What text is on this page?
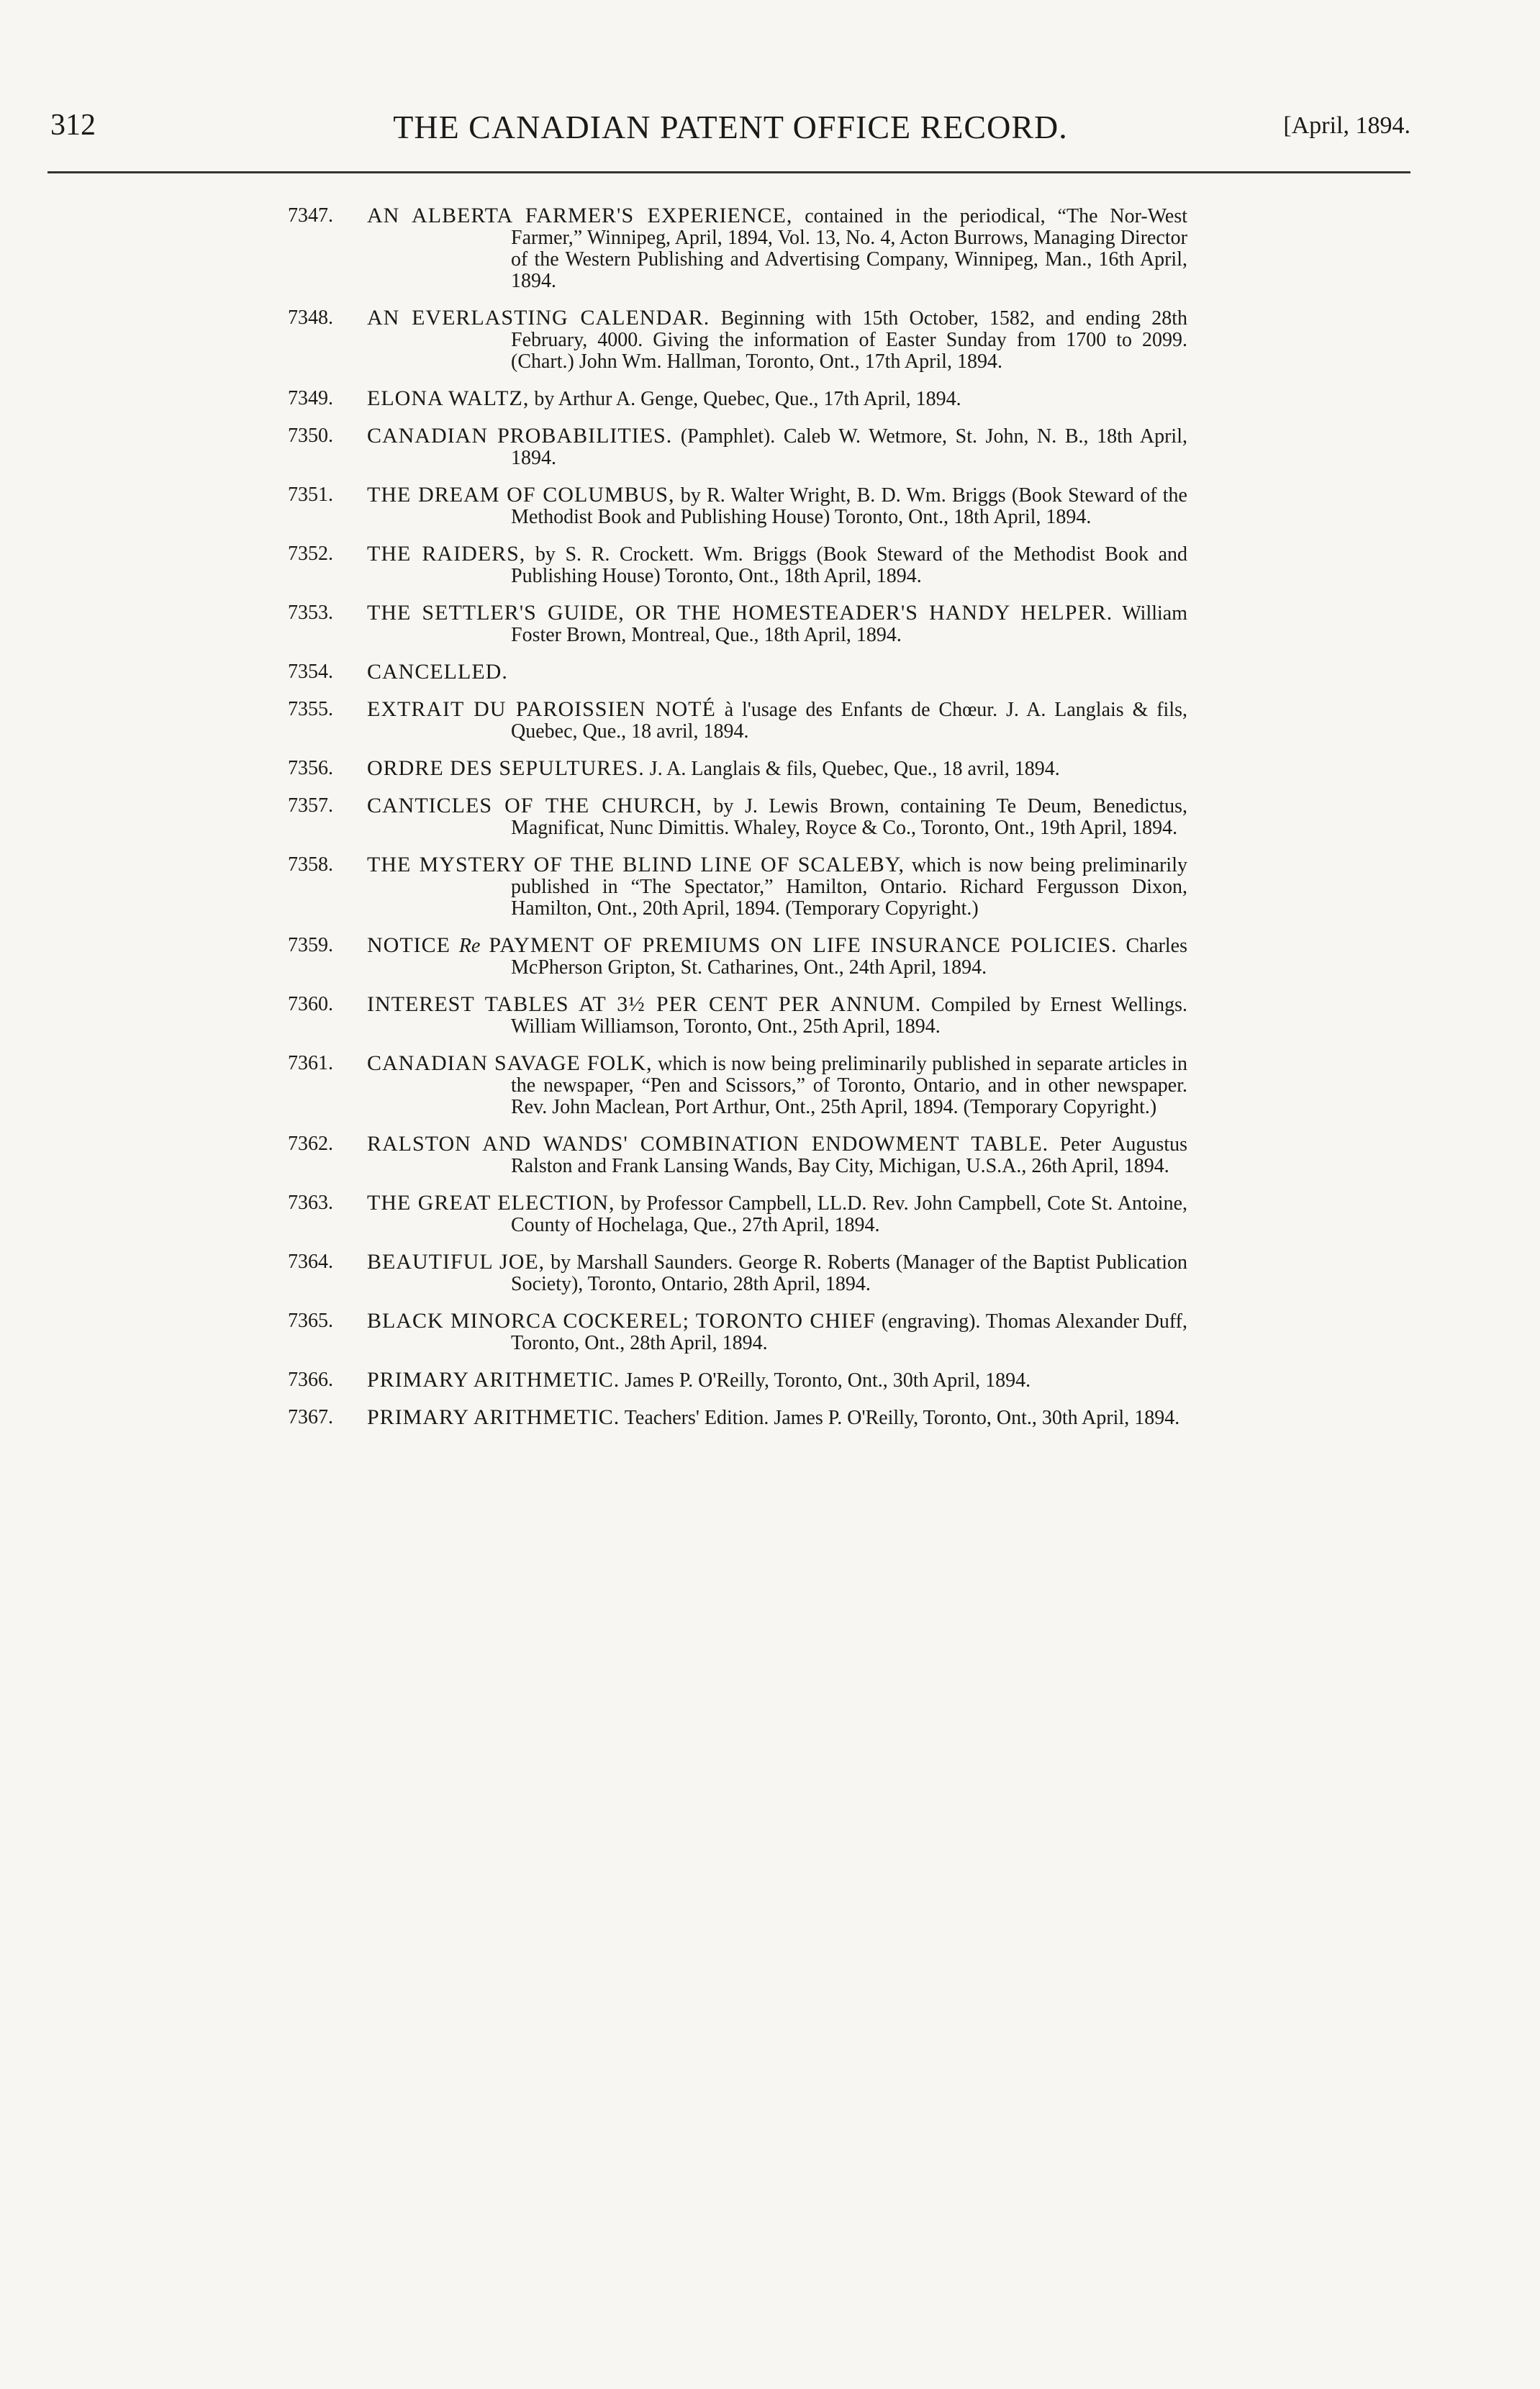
312	THE CANADIAN PATENT OFFICE RECORD.	[April, 1894.
7347.	AN ALBERTA FARMER'S EXPERIENCE, contained in the periodical, “The Nor-West Farmer,” Winnipeg, April, 1894, Vol. 13, No. 4, Acton Burrows, Managing Director of the Western Publishing and Advertising Company, Winnipeg, Man., 16th April, 1894.
7348.	AN EVERLASTING CALENDAR. Beginning with 15th October, 1582, and ending 28th February, 4000. Giving the information of Easter Sunday from 1700 to 2099. (Chart.) John Wm. Hallman, Toronto, Ont., 17th April, 1894.
7349.	ELONA WALTZ, by Arthur A. Genge, Quebec, Que., 17th April, 1894.
7350.	CANADIAN PROBABILITIES. (Pamphlet). Caleb W. Wetmore, St. John, N. B., 18th April, 1894.
7351.	THE DREAM OF COLUMBUS, by R. Walter Wright, B. D. Wm. Briggs (Book Steward of the Methodist Book and Publishing House) Toronto, Ont., 18th April, 1894.
7352.	THE RAIDERS, by S. R. Crockett. Wm. Briggs (Book Steward of the Methodist Book and Publishing House) Toronto, Ont., 18th April, 1894.
7353.	THE SETTLER'S GUIDE, OR THE HOMESTEADER'S HANDY HELPER. William Foster Brown, Montreal, Que., 18th April, 1894.
7354.	CANCELLED.
7355.	EXTRAIT DU PAROISSIEN NOTÉ à l'usage des Enfants de Chœur. J. A. Langlais & fils, Quebec, Que., 18 avril, 1894.
7356.	ORDRE DES SEPULTURES. J. A. Langlais & fils, Quebec, Que., 18 avril, 1894.
7357.	CANTICLES OF THE CHURCH, by J. Lewis Brown, containing Te Deum, Benedictus, Magnificat, Nunc Dimittis. Whaley, Royce & Co., Toronto, Ont., 19th April, 1894.
7358.	THE MYSTERY OF THE BLIND LINE OF SCALEBY, which is now being preliminarily published in “The Spectator,” Hamilton, Ontario. Richard Fergusson Dixon, Hamilton, Ont., 20th April, 1894. (Temporary Copyright.)
7359.	NOTICE Re PAYMENT OF PREMIUMS ON LIFE INSURANCE POLICIES. Charles McPherson Gripton, St. Catharines, Ont., 24th April, 1894.
7360.	INTEREST TABLES AT 3½ PER CENT PER ANNUM. Compiled by Ernest Wellings. William Williamson, Toronto, Ont., 25th April, 1894.
7361.	CANADIAN SAVAGE FOLK, which is now being preliminarily published in separate articles in the newspaper, “Pen and Scissors,” of Toronto, Ontario, and in other newspaper. Rev. John Maclean, Port Arthur, Ont., 25th April, 1894. (Temporary Copyright.)
7362.	RALSTON AND WANDS' COMBINATION ENDOWMENT TABLE. Peter Augustus Ralston and Frank Lansing Wands, Bay City, Michigan, U.S.A., 26th April, 1894.
7363.	THE GREAT ELECTION, by Professor Campbell, LL.D. Rev. John Campbell, Cote St. Antoine, County of Hochelaga, Que., 27th April, 1894.
7364.	BEAUTIFUL JOE, by Marshall Saunders. George R. Roberts (Manager of the Baptist Publication Society), Toronto, Ontario, 28th April, 1894.
7365.	BLACK MINORCA COCKEREL; TORONTO CHIEF (engraving). Thomas Alexander Duff, Toronto, Ont., 28th April, 1894.
7366.	PRIMARY ARITHMETIC. James P. O'Reilly, Toronto, Ont., 30th April, 1894.
7367.	PRIMARY ARITHMETIC. Teachers' Edition. James P. O'Reilly, Toronto, Ont., 30th April, 1894.
